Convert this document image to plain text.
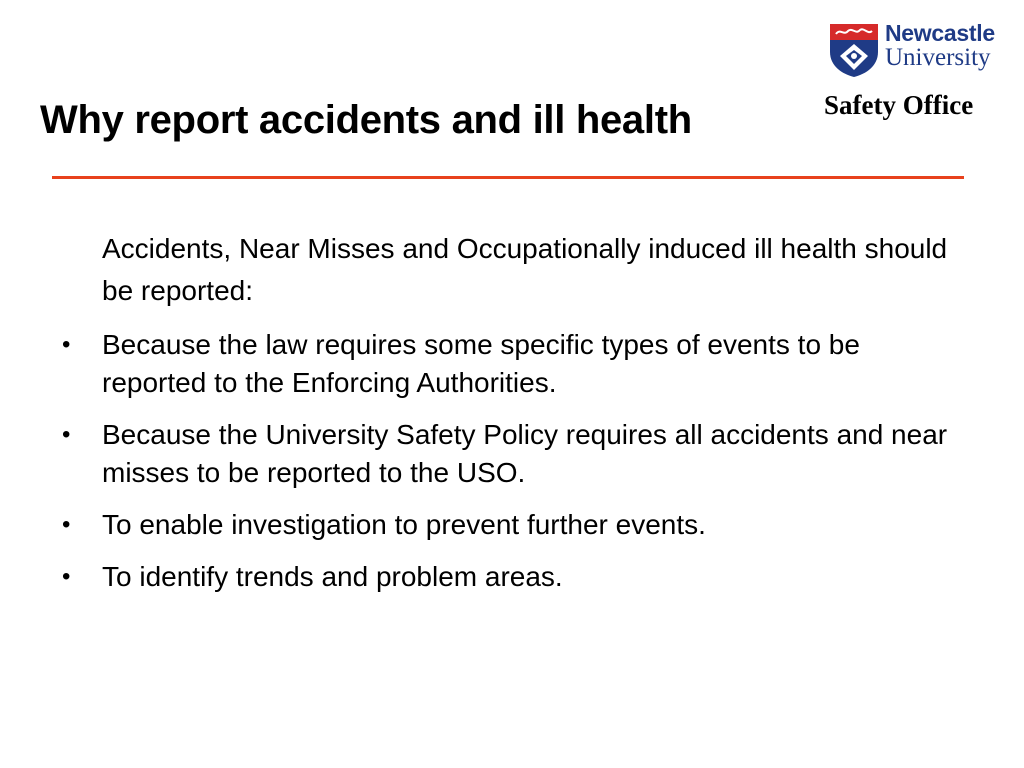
Why report accidents and ill health
Newcastle
University
Safety Office

Accidents, Near Misses and Occupationally induced ill health should be reported:

• Because the law requires some specific types of events to be reported to the Enforcing Authorities.
• Because the University Safety Policy requires all accidents and near misses to be reported to the USO.
• To enable investigation to prevent further events.
• To identify trends and problem areas.
